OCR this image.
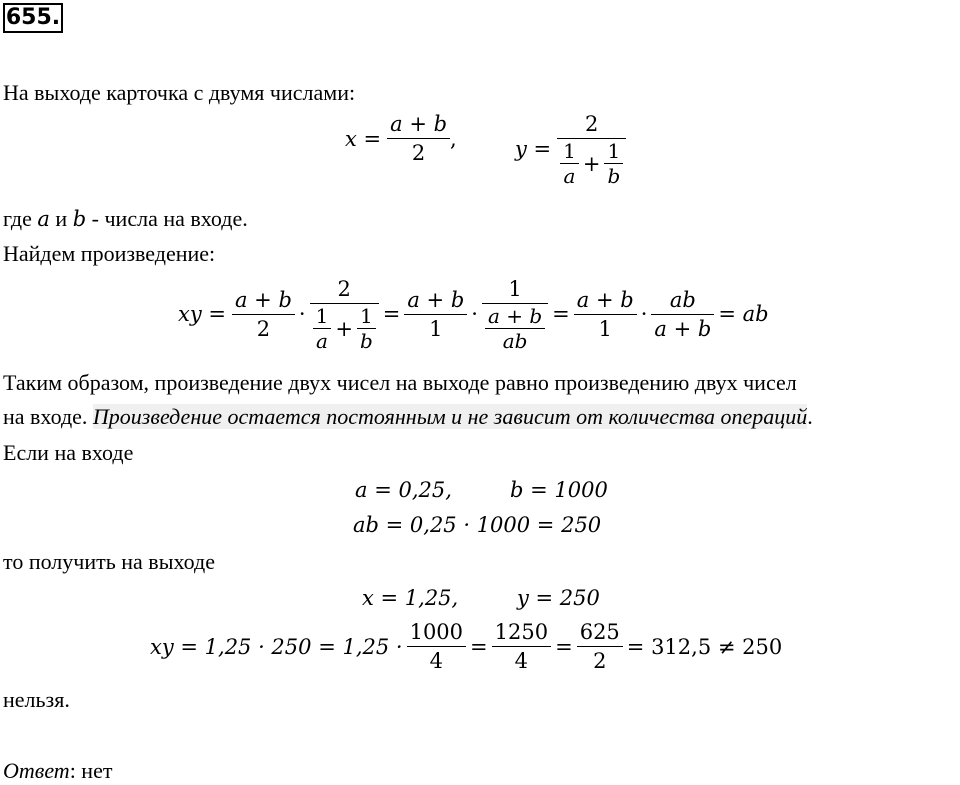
655.
На выходе карточка с двумя числами:
$x = \frac{a + b}{2}$ ,	$y = \frac{2}{\frac{1}{a} + \frac{1}{b}}$
где a и b - числа на входе.
Найдем произведение:
xy = $\frac{a + b}{2} \cdot \frac{2}{\frac{1}{a} + \frac{1}{b}} = \frac{a + b}{1} \cdot \frac{1}{\frac{a + b}{ab}} = \frac{a + b}{1} \cdot \frac{ab}{a + b}$ = ab
Таким образом, произведение двух чисел на выходе равно произведению двух чисел
на входе. Произведение остается постоянным и не зависит от количества операций.
Если на входе
a = 0,25,	b = 1000
ab = 0,25 · 1000 = 250
то получить на выходе
x = 1,25,	y = 250
xy = $1,25 \cdot 250 = 1,25 \cdot \frac{1000}{4} = \frac{1250}{4} = \frac{625}{2} = 312,5 \ne 250$
нельзя.
Ответ: нет
